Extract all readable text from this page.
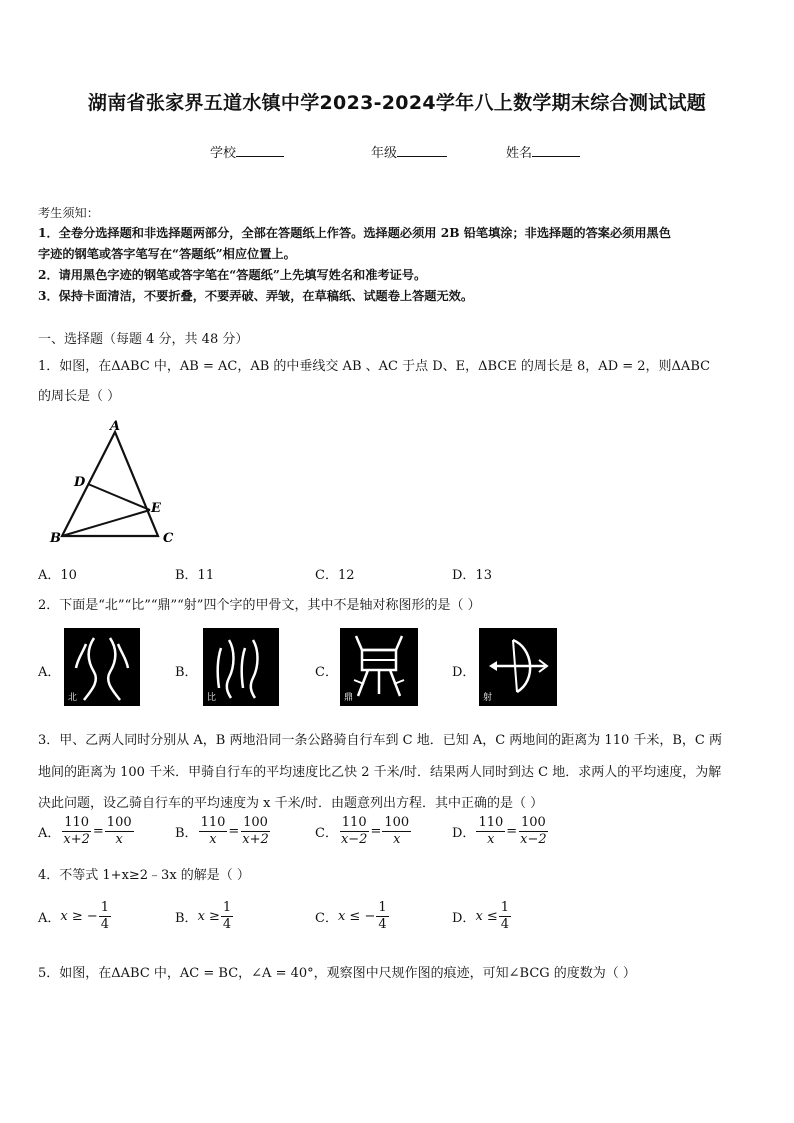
湖南省张家界五道水镇中学2023-2024学年八上数学期末综合测试试题
学校	年级	姓名
考生须知：
1．全卷分选择题和非选择题两部分，全部在答题纸上作答。选择题必须用 2B 铅笔填涂；非选择题的答案必须用黑色
字迹的钢笔或答字笔写在“答题纸”相应位置上。
2．请用黑色字迹的钢笔或答字笔在“答题纸”上先填写姓名和准考证号。
3．保持卡面清洁，不要折叠，不要弄破、弄皱，在草稿纸、试题卷上答题无效。
一、选择题（每题 4 分，共 48 分）
1．如图，在ΔABC 中，AB = AC，AB 的中垂线交 AB 、AC 于点 D、E，ΔBCE 的周长是 8，AD = 2，则ΔABC
的周长是（ ）
A
B	C
D
E
A．10	B．11	C．12	D．13
2．下面是“北”“比”“鼎”“射”四个字的甲骨文，其中不是轴对称图形的是（ ）
A．
北
B．
比
C．
鼎
D．
射
3．甲、乙两人同时分别从 A，B 两地沿同一条公路骑自行车到 C 地．已知 A，C 两地间的距离为 110 千米，B，C 两
地间的距离为 100 千米．甲骑自行车的平均速度比乙快 2 千米/时．结果两人同时到达 C 地．求两人的平均速度，为解
决此问题，设乙骑自行车的平均速度为 x 千米/时．由题意列出方程．其中正确的是（ ）
A． $\frac{110}{x+2} = \frac{100}{x}$	B． $\frac{110}{x} = \frac{100}{x+2}$	C． $\frac{110}{x-2} = \frac{100}{x}$	D． $\frac{110}{x} = \frac{100}{x-2}$
4．不等式 1+x≥2﹣3x 的解是（ ）
A． x ≥ − $\frac{1}{4}$	B． $x \ge \frac{1}{4}$	C． x ≤ − $\frac{1}{4}$	D． $x \le \frac{1}{4}$
5．如图，在ΔABC 中，AC = BC，∠A = 40°，观察图中尺规作图的痕迹，可知∠BCG 的度数为（ ）
